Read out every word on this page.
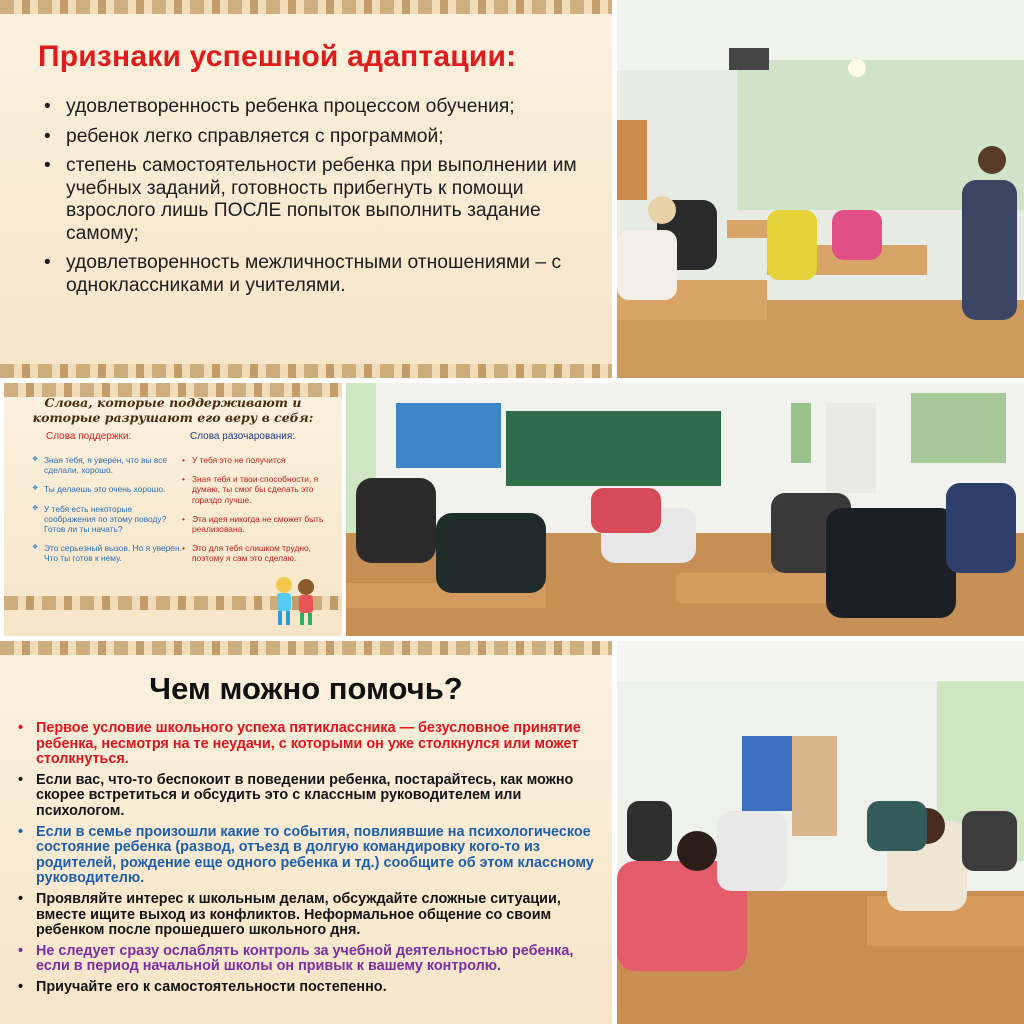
Признаки успешной адаптации:
• удовлетворенность ребенка процессом обучения;
• ребенок легко справляется с программой;
• степень самостоятельности ребенка при выполнении им учебных заданий, готовность прибегнуть к помощи взрослого лишь ПОСЛЕ попыток выполнить задание самому;
• удовлетворенность межличностными отношениями – с одноклассниками и учителями.
Слова, которые поддерживают и которые разрушают его веру в себя:
Слова поддержки:	Слова разочарования:
❖ Зная тебя, я уверен, что вы все сделали, хорошо.
❖ Ты делаешь это очень хорошо.
❖ У тебя есть некоторые соображения по этому поводу? Готов ли ты начать?
❖ Это серьезный вызов. Но я уверен. Что ты готов к нему.
• У тебя это не получится
• Зная тебя и твои способности, я думаю, ты смог бы сделать это гораздо лучше.
• Эта идея никогда не сможет быть реализована.
• Это для тебя слишком трудно, поэтому я сам это сделаю.
Чем можно помочь?
• Первое условие школьного успеха пятиклассника — безусловное принятие ребенка, несмотря на те неудачи, с которыми он уже столкнулся или может столкнуться.
• Если вас, что-то беспокоит в поведении ребенка, постарайтесь, как можно скорее встретиться и обсудить это с классным руководителем или психологом.
• Если в семье произошли какие то события, повлиявшие на психологическое состояние ребенка (развод, отъезд в долгую командировку кого-то из родителей, рождение еще одного ребенка и тд.) сообщите об этом классному руководителю.
• Проявляйте интерес к школьным делам, обсуждайте сложные ситуации, вместе ищите выход из конфликтов. Неформальное общение со своим ребенком после прошедшего школьного дня.
• Не следует сразу ослаблять контроль за учебной деятельностью ребенка, если в период начальной школы он привык к вашему контролю.
• Приучайте его к самостоятельности постепенно.
